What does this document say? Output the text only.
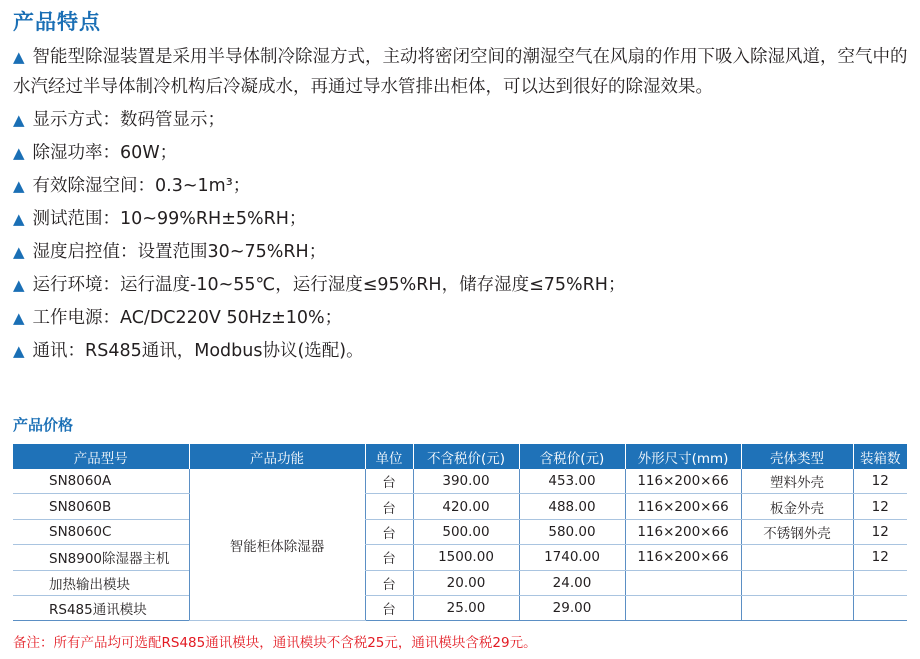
产品特点

▲ 智能型除湿装置是采用半导体制冷除湿方式，主动将密闭空间的潮湿空气在风扇的作用下吸入除湿风道，空气中的水汽经过半导体制冷机构后冷凝成水，再通过导水管排出柜体，可以达到很好的除湿效果。

▲ 显示方式：数码管显示；

▲ 除湿功率：60W；

▲ 有效除湿空间：0.3~1m³；

▲ 测试范围：10~99%RH±5%RH；

▲ 湿度启控值：设置范围30~75%RH；

▲ 运行环境：运行温度-10~55℃，运行湿度≤95%RH，储存湿度≤75%RH；

▲ 工作电源：AC/DC220V 50Hz±10%；

▲ 通讯：RS485通讯，Modbus协议(选配)。

产品价格
产品型号	产品功能	单位	不含税价(元)	含税价(元)	外形尺寸(mm)	壳体类型	装箱数
SN8060A	智能柜体除湿器	台	390.00	453.00	116×200×66	塑料外壳	12
SN8060B		台	420.00	488.00	116×200×66	板金外壳	12
SN8060C		台	500.00	580.00	116×200×66	不锈钢外壳	12
SN8900除湿器主机		台	1500.00	1740.00	116×200×66		12
加热输出模块		台	20.00	24.00			
RS485通讯模块		台	25.00	29.00			
备注：所有产品均可选配RS485通讯模块，通讯模块不含税25元，通讯模块含税29元。
